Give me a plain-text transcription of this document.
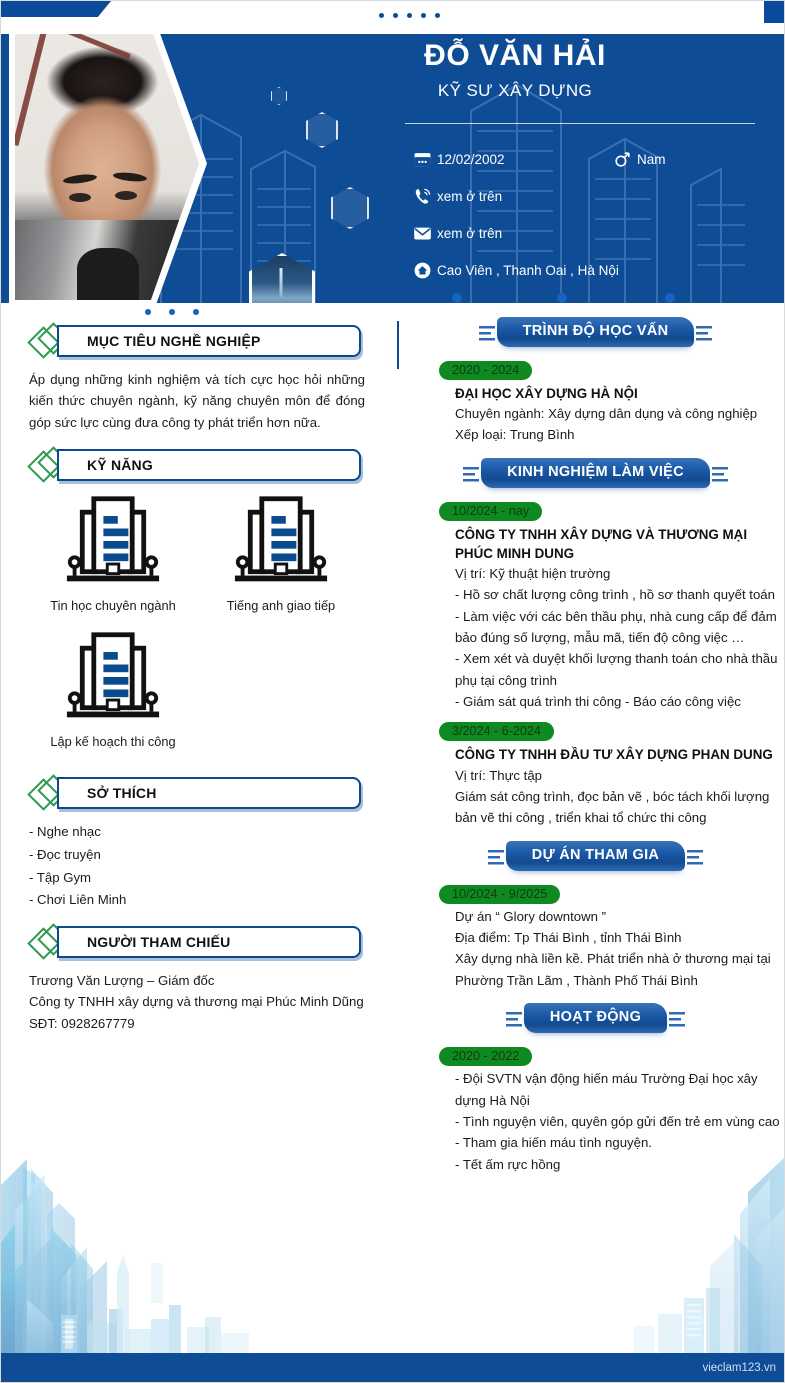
ĐỖ VĂN HẢI
KỸ SƯ XÂY DỰNG
12/02/2002	Nam
xem ở trên
xem ở trên
Cao Viên , Thanh Oai , Hà Nội
MỤC TIÊU NGHỀ NGHIỆP
Áp dụng những kinh nghiệm và tích cực học hỏi những kiến thức chuyên ngành, kỹ năng chuyên môn để đóng góp sức lực cùng đưa công ty phát triển hơn nữa.
KỸ NĂNG
Tin học chuyên ngành	Tiếng anh giao tiếp
Lập kế hoạch thi công
SỞ THÍCH
- Nghe nhạc
- Đọc truyện
- Tập Gym
- Chơi Liên Minh
NGƯỜI THAM CHIẾU
Trương Văn Lượng – Giám đốc
Công ty TNHH xây dựng và thương mại Phúc Minh Dũng
SĐT: 0928267779
TRÌNH ĐỘ HỌC VẤN
2020 - 2024
ĐẠI HỌC XÂY DỰNG HÀ NỘI
Chuyên ngành: Xây dựng dân dụng và công nghiệp
Xếp loại: Trung Bình
KINH NGHIỆM LÀM VIỆC
10/2024 - nay
CÔNG TY TNHH XÂY DỰNG VÀ THƯƠNG MẠI PHÚC MINH DUNG
Vị trí: Kỹ thuật hiện trường
- Hồ sơ chất lượng công trình , hồ sơ thanh quyết toán
- Làm việc với các bên thầu phụ, nhà cung cấp để đảm bảo đúng số lượng, mẫu mã, tiến độ công việc …
- Xem xét và duyệt khối lượng thanh toán cho nhà thầu phụ tại công trình
- Giám sát quá trình thi công - Báo cáo công việc
3/2024 - 6-2024
CÔNG TY TNHH ĐẦU TƯ XÂY DỰNG PHAN DUNG
Vị trí: Thực tập
Giám sát công trình, đọc bản vẽ , bóc tách khối lượng bản vẽ thi công , triển khai tổ chức thi công
DỰ ÁN THAM GIA
10/2024 - 9/2025
Dự án “ Glory downtown ”
Địa điểm: Tp Thái Bình , tỉnh Thái Bình
Xây dựng nhà liền kề. Phát triển nhà ở thương mại tại Phường Trần Lãm , Thành Phố Thái Bình
HOẠT ĐỘNG
2020 - 2022
- Đội SVTN vận động hiến máu Trường Đại học xây dựng Hà Nội
- Tình nguyện viên, quyên góp gửi đến trẻ em vùng cao
- Tham gia hiến máu tình nguyện.
- Tết ấm rực hồng
vieclam123.vn
